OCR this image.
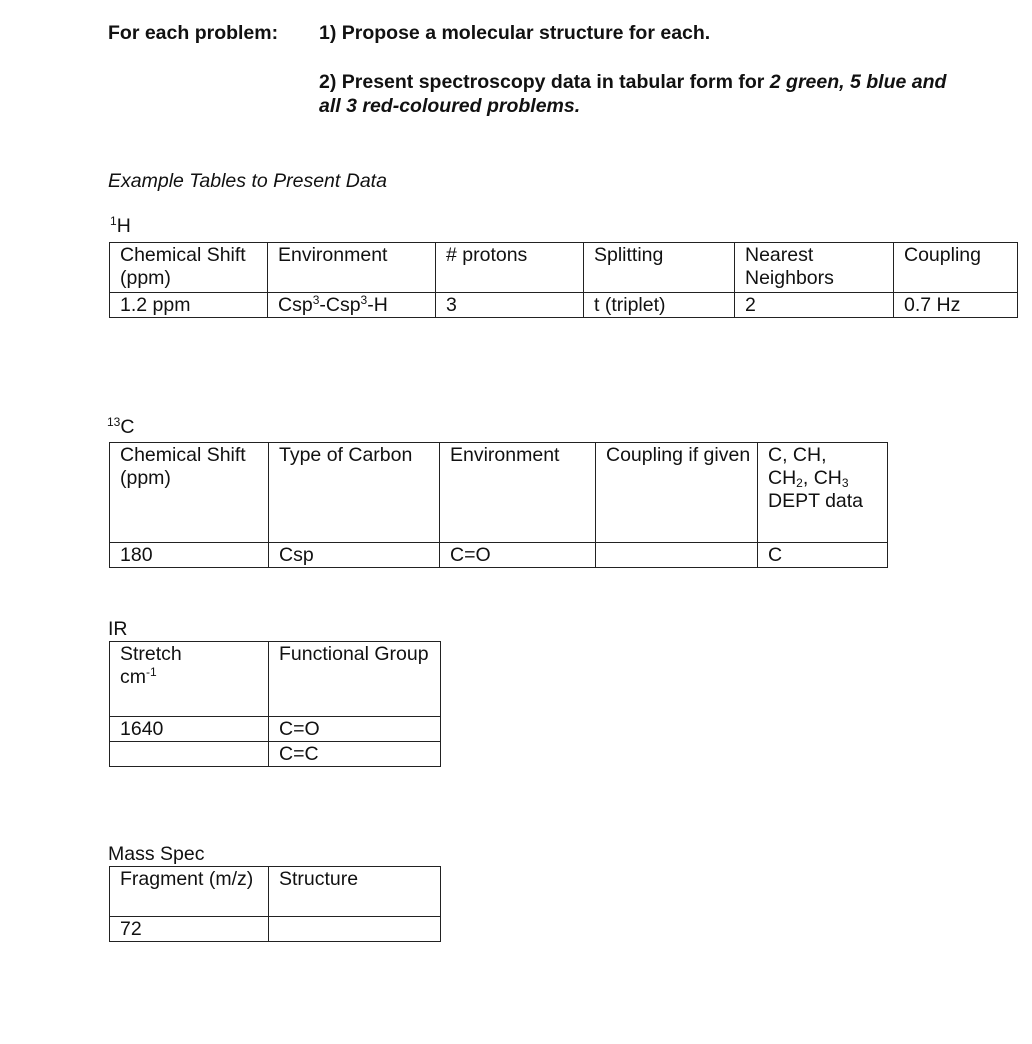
For each problem: 1) Propose a molecular structure for each.
2) Present spectroscopy data in tabular form for 2 green, 5 blue and
all 3 red-coloured problems.
Example Tables to Present Data
$^1$H
Chemical Shift (ppm)	Environment	# protons	Splitting	Nearest Neighbors	Coupling
1.2 ppm	Csp$^3$-Csp$^3$-H	3	t (triplet)	2	0.7 Hz
$^{13}$C
Chemical Shift (ppm)	Type of Carbon	Environment	Coupling if given	C, CH,
$CH_2$, $CH_3$
DEPT data

180	Csp	C=O		C
IR
Stretch
$cm^{-1}$	Functional Group
1640	C=O
	C=C
Mass Spec
Fragment (m/z)	Structure
72	
